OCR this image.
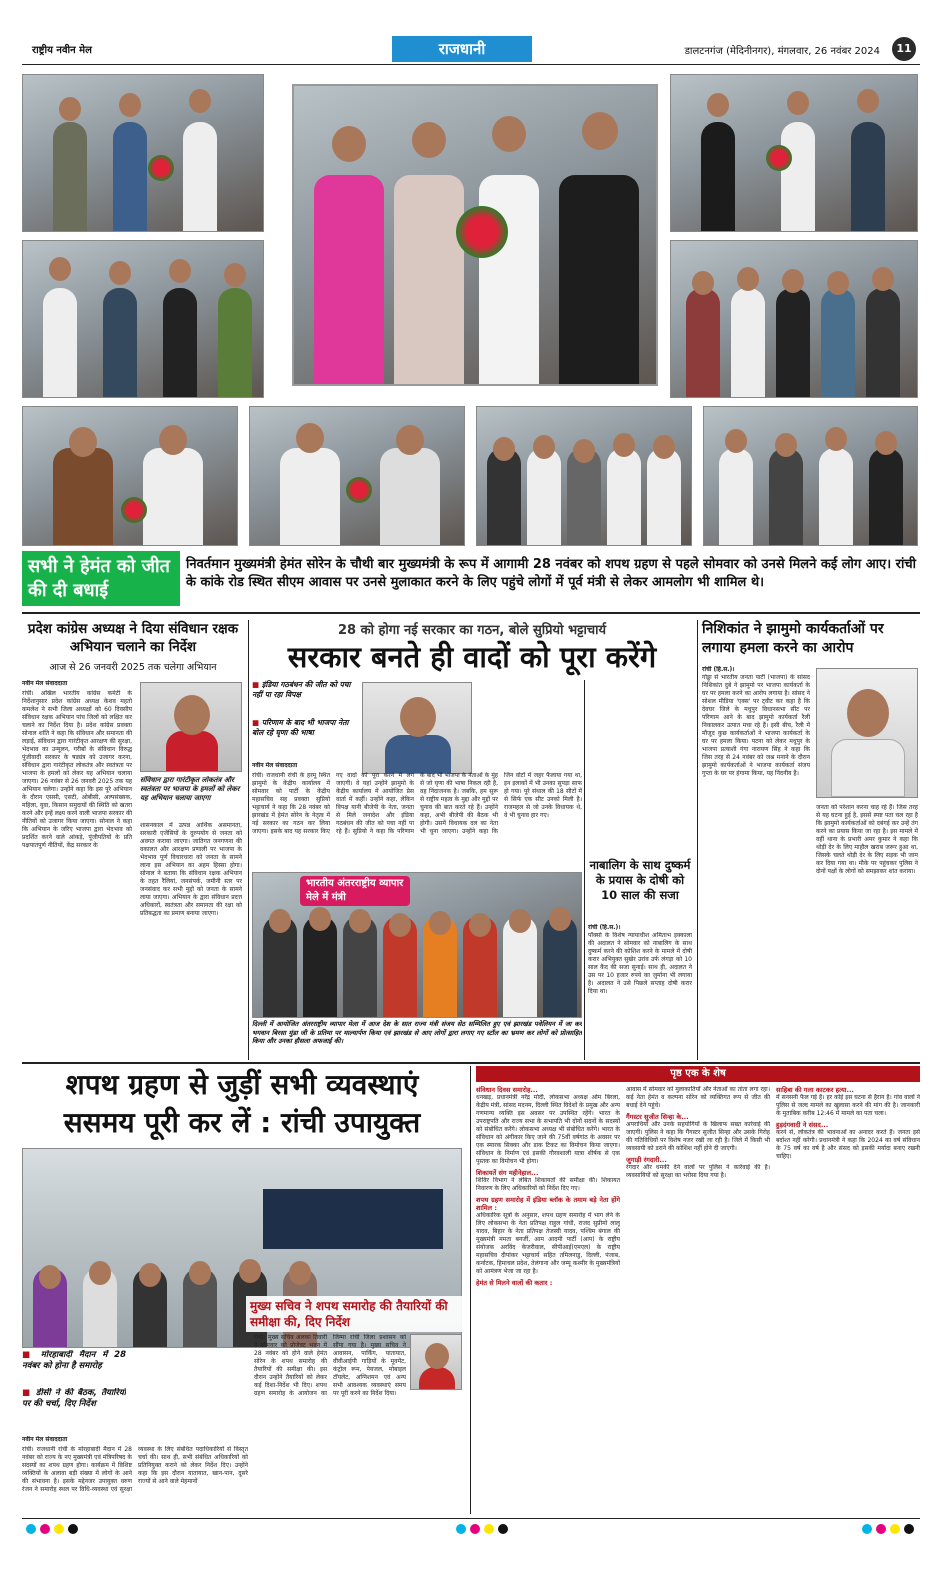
राष्ट्रीय नवीन मेल	राजधानी	डालटनगंज (मेदिनीनगर), मंगलवार, 26 नवंबर 2024	11
सभी ने हेमंत को जीत की दी बधाई
निवर्तमान मुख्यमंत्री हेमंत सोरेन के चौथी बार मुख्यमंत्री के रूप में आगामी 28 नवंबर को शपथ ग्रहण से पहले सोमवार को उनसे मिलने कई लोग आए। रांची के कांके रोड स्थित सीएम आवास पर उनसे मुलाकात करने के लिए पहुंचे लोगों में पूर्व मंत्री से लेकर आमलोग भी शामिल थे।
प्रदेश कांग्रेस अध्यक्ष ने दिया संविधान रक्षक अभियान चलाने का निर्देश
आज से 26 जनवरी 2025 तक चलेगा अभियान
नवीन मेल संवाददाता
रांची। अखिल भारतीय कांग्रेस कमेटी के निर्देशानुसार प्रदेश कांग्रेस अध्यक्ष केशव महतो कमलेश ने सभी जिला अध्यक्षों को 60 दिवसीय संविधान रक्षक अभियान पांच जिलों को लक्षित कर चलाने का निर्देश दिया है। प्रदेश कांग्रेस प्रवक्ता सोनाल शांति ने कहा कि संविधान और समानता की लड़ाई, संविधान द्वारा गारंटीकृत आरक्षण की सुरक्षा, भेदभाव का उन्मूलन, गरीबों के संविधान विरुद्ध पूंजीवादी सरकार के षड्यंत्र को उजागर करना, संविधान द्वारा गारंटीकृत लोकतंत्र और स्वतंत्रता पर भाजपा के हमलों को लेकर यह अभियान चलाया जाएगा। 26 नवंबर से 26 जनवरी 2025 तक यह अभियान चलेगा। उन्होंने कहा कि इस पूरे अभियान के दौरान एससी, एसटी, ओबीसी, अल्पसंख्यक, महिला, युवा, किसान समुदायों की स्थिति को खतरा करने और इन्हें लक्ष्य करने वाली भाजपा सरकार की नीतियों को उजागर किया जाएगा। सोनाल ने कहा कि अभियान के जरिए भाजपा द्वारा भेदभाव को प्रदर्शित करने वाले आंकड़े, पूंजीपतियों के प्रति पक्षपातपूर्ण नीतियों, केंद्र सरकार के
संविधान द्वारा गारंटीकृत लोकतंत्र और स्वतंत्रता पर भाजपा के हमलों को लेकर यह अभियान चलाया जाएगा
शासनकाल में उत्पन्न आर्थिक असमानता, सरकारी एजेंसियों के दुरुपयोग से जनता को अवगत कराया जाएगा। जातिगत जनगणना की वकालत और आरक्षण प्रणाली पर भाजपा के भेदभाव पूर्ण विचारधारा को जनता के सामने लाना इस अभियान का अहम हिस्सा होगा। सोनाल ने बताया कि संविधान रक्षक अभियान के तहत रैलियां, जनसंपर्क, जमीनी स्तर पर जनसंवाद कर सभी मुद्दों को जनता के सामने लाया जाएगा। अभियान के द्वारा संविधान प्रदत्त अधिकारों, स्वतंत्रता और समानता की रक्षा को प्रतिबद्धता का प्रमाण बनाया जाएगा।
28 को होगा नई सरकार का गठन, बोले सुप्रियो भट्टाचार्य
सरकार बनते ही वादों को पूरा करेंगे
■ इंडिया गठबंधन की जीत को पचा नहीं पा रहा विपक्ष
■ परिणाम के बाद भी भाजपा नेता बोल रहे घृणा की भाषा
नवीन मेल संवाददाता
रांची। राजधानी रांची के हरमू स्थित झामुमो के केंद्रीय कार्यालय में सोमवार को पार्टी के केंद्रीय महासचिव सह प्रवक्ता सुप्रियो भट्टाचार्य ने कहा कि 28 नवंबर को झारखंड में हेमंत सोरेन के नेतृत्व में नई सरकार का गठन कर लिया जाएगा। इसके बाद यह सरकार किए गए वादों को पूरा करने में लग जाएगी। वे यहां उन्होंने झामुमो के केंद्रीय कार्यालय में आयोजित प्रेस वार्ता में कहीं। उन्होंने कहा, लेकिन विपक्ष यानी बीजेपी के नेता, जनता से मिले जनादेश और इंडिया गठबंधन की जीत को पचा नहीं पा रहे हैं। सुप्रियो ने कहा कि परिणाम के बाद भी भाजपा के नेताओं के मुंह से जो घृणा की भाषा निकल रही है, वह निंदाजनक है। जबकि, हम सुरू से राष्ट्रीय महत्व के मुद्दा और मुद्दों पर चुनाव की बात करते रहे हैं। उन्होंने कहा, अभी बीजेपी की बैठक भी होगी। उसमें विधायक दल का नेता भी चुना जाएगा। उन्होंने कहा कि जिन वोटों में जहर फैलाया गया था, इन इलाकों में भी उनका सुपड़ा साफ हो गया। पूरे संथाल की 18 सीटों में से सिर्फ एक सीट उनको मिली है। राजमहल से जो उनके विधायक थे, वे भी चुनाव हार गए।
नाबालिग के साथ दुष्कर्म के प्रयास के दोषी को 10 साल की सजा
रांची (हि.स.)।
पॉक्सो के विशेष न्यायाधीश अमिताभ इक्काला की अदालत ने सोमवार को नाबालिग के साथ दुष्कर्म करने की कोशिश करने के मामले में दोषी करार अभियुक्त सुखेर उरांव उर्फ लंगड़ा को 10 साल कैद की सजा सुनाई। साथ ही, अदालत ने उस पर 10 हजार रुपये का जुर्माना भी लगाया है। अदालत ने उसे पिछले सप्ताह दोषी करार दिया था।
भारतीय अंतरराष्ट्रीय व्यापार मेले में मंत्री
दिल्ली में आयोजित अंतरराष्ट्रीय व्यापार मेला में आज देश के सात राज्य मंत्री संजय सेठ सम्मिलित हुए एवं झारखंड पवेलियन में जा कर भगवान बिरसा मुंडा जी के प्रतिमा पर माल्यार्पण किया एवं झारखंड से आए लोगों द्वारा लगाए गए स्टॉल का भ्रमण कर लोगों को प्रोत्साहित किया और उनका हौसला अफजाई की।
निशिकांत ने झामुमो कार्यकर्ताओं पर लगाया हमला करने का आरोप
रांची (हि.स.)।
गोड्डा से भारतीय जनता पार्टी (भाजपा) के सांसद निशिकांत दुबे ने झामुमो पर भाजपा कार्यकर्ता के घर पर हमला करने का आरोप लगाया है। सांसद ने सोशल मीडिया 'एक्स' पर ट्वीट कर कहा है कि देवघर जिले के मधुपुर विधानसभा सीट पर परिणाम आने के बाद झामुमो कार्यकर्ता रैली निकालकर उत्पात मचा रहे हैं। इसी बीच, रैली में मौजूद कुछ कार्यकर्ताओं ने भाजपा कार्यकर्ता के घर पर हमला किया। पटना को लेकर मधुपुर के भाजपा प्रत्याशी गंगा नारायण सिंह ने कहा कि जिस तरह से 24 नवंबर को जश्न मनाने के दौरान झामुमो कार्यकर्ताओं ने भाजपा कार्यकर्ता संजय गुप्ता के घर पर हंगामा किया, यह निंदनीय है।
जनता को परेशान करना चाह रहे हैं। जिस तरह से यह घटना हुई है, इससे स्पष्ट पता चल रहा है कि झामुमो कार्यकर्ताओं को दबंगई कर उन्हें तंग करने का प्रयास किया जा रहा है। इस मामले में वहीं थाना के प्रभारी अमर कुमार ने कहा कि थोड़ी देर के लिए माहौल खराब जरूर हुआ था, जिसके चलते थोड़ी देर के लिए सड़क भी जाम कर दिया गया था। मौके पर पहुंचकर पुलिस ने दोनों पक्षों के लोगों को समझाकर शांत कराया।
शपथ ग्रहण से जुड़ीं सभी व्यवस्थाएं
ससमय पूरी कर लें : रांची उपायुक्त
मुख्य सचिव ने शपथ समारोह की तैयारियों की समीक्षा की, दिए निर्देश
■ मोरहाबादी मैदान में 28 नवंबर को होना है समारोह
■ डीसी ने की बैठक, तैयारियों पर की चर्चा, दिए निर्देश
नवीन मेल संवाददाता
रांची। राजधानी रांची के मोरहाबादी मैदान में 28 नवंबर को राज्य के नए मुख्यमंत्री एवं मंत्रिपरिषद के सदस्यों का शपथ ग्रहण होगा। कार्यक्रम में विशिष्ट व्यक्तियों के अलावा बड़ी संख्या में लोगों के आने की संभावना है। इसके मद्देनजर उपायुक्त वरुण रंजन ने समारोह स्थल पर विधि-व्यवस्था एवं सुरक्षा व्यवस्था के लिए संबंधित पदाधिकारियों से विस्तृत चर्चा की। साथ ही, सभी संबंधित अधिकारियों को प्रतिनियुक्त कराने को लेकर निर्देश दिए। उन्होंने कहा कि इस दौरान यातायात, खान-पान, दूसरे राज्यों से आने वाले मेहमानों
रांची। मुख्य सचिव अलका तिवारी ने सोमवार को प्रोजेक्ट भवन में 28 नवंबर को होने वाले हेमंत सोरेन के शपथ समारोह की तैयारियों की समीक्षा की। इस दौरान उन्होंने तैयारियों को लेकर कई दिशा-निर्देश भी दिए। शपथ ग्रहण समारोह के आयोजन का जिम्मा रांची जिला प्रशासन को सौंपा गया है। मुख्य सचिव ने आवासन, पार्किंग, यातायात, वीवीआईपी गाड़ियों के मूवमेंट, कंट्रोल रूम, पेयजल, मोबाइल टॉयलेट, अग्निशमन एवं अन्य सभी आवश्यक व्यवस्थाएं समय पर पूरी करने का निर्देश दिया।
पृष्ठ एक के शेष
संविधान दिवस समारोह...
धनखड़, प्रधानमंत्री नरेंद्र मोदी, लोकसभा अध्यक्ष ओम बिरला, केंद्रीय मंत्री, सांसद मदनम, दिल्ली स्थित विदेशों के प्रमुख और अन्य गणमान्य व्यक्ति इस अवसर पर उपस्थित रहेंगे। भारत के उपराष्ट्रपति और राज्य सभा के सभापति भी दोनों सदनों के सदस्यों को संबोधित करेंगे। लोकसभा अध्यक्ष भी संबोधित करेंगे। भारत के संविधान को अंगीकार किए जाने की 75वीं वर्षगांठ के अवसर पर एक स्मारक सिक्का और डाक टिकट का विमोचन किया जाएगा। संविधान के निर्माण एवं इसकी गौरवशाली यात्रा शीर्षक से एक पुस्तक का विमोचन भी होगा।
शिकायतें संग महीनेहाल...
शिविर विभाग ने लंबित शिकायतों की समीक्षा की। शिकायत निवारण के लिए अधिकारियों को निर्देश दिए गए।
शपथ ग्रहण समारोह में इंडिया ब्लॉक के तमाम बड़े नेता होंगे शामिल :
अधिकारिक सूत्रों के अनुसार, शपथ ग्रहण समारोह में भाग लेने के लिए लोकसभा के नेता प्रतिपक्ष राहुल गांधी, राजद सुप्रीमो लालू यादव, बिहार के नेता प्रतिपक्ष तेजस्वी यादव, पश्चिम बंगाल की मुख्यमंत्री ममता बनर्जी, आम आदमी पार्टी (आप) के राष्ट्रीय संयोजक अरविंद केजरीवाल, सीपीआई(एमएल) के राष्ट्रीय महासचिव दीपांकर भट्टाचार्य सहित तमिलनाडु, दिल्ली, पंजाब, कर्नाटक, हिमाचल प्रदेश, तेलंगाना और जम्मू कश्मीर के मुख्यमंत्रियों को आमंत्रण भेजा जा रहा है।
हेमंत से मिलने वालों की कतार :
आवास में सोमवार को मुलाकातियों और नेताओं का तांता लगा रहा। कई नेता हेमंत व कल्पना सोरेन को व्यक्तिगत रूप से जीत की बधाई देने पहुंचे।
गैंगस्टर सुजीत सिन्हा के...
अपराधियों और उनके सहयोगियों के खिलाफ सख्त कार्रवाई की जाएगी। पुलिस ने कहा कि गैंगस्टर सुजीत सिन्हा और उसके गिरोह की गतिविधियों पर विशेष नजर रखी जा रही है। जिले में किसी भी व्यवसायी को डराने की कोशिश नहीं होने दी जाएगी।
जुगाड़ी रंगदारी...
रंगदार और धमकी देने वालों पर पुलिस ने कार्रवाई की है। व्यवसायियों को सुरक्षा का भरोसा दिया गया है।
साहिबा की गला काटकर हत्या...
में सनसनी फैल गई है। हर कोई इस घटना से हैरान है। गांव वालों ने पुलिस से जल्द मामले का खुलासा करने की मांग की है। जानकारी के मुताबिक करीब 12:46 में मामले का पता चला।
हुड़दंगवादी ने संसद...
करने से, लोकतंत्र की भावनाओं का अनादर करते हैं। जनता इसे बर्दाश्त नहीं करेगी। प्रधानमंत्री ने कहा कि 2024 का वर्ष संविधान के 75 वर्ष का वर्ष है और संसद को इसकी मर्यादा बनाए रखनी चाहिए।
